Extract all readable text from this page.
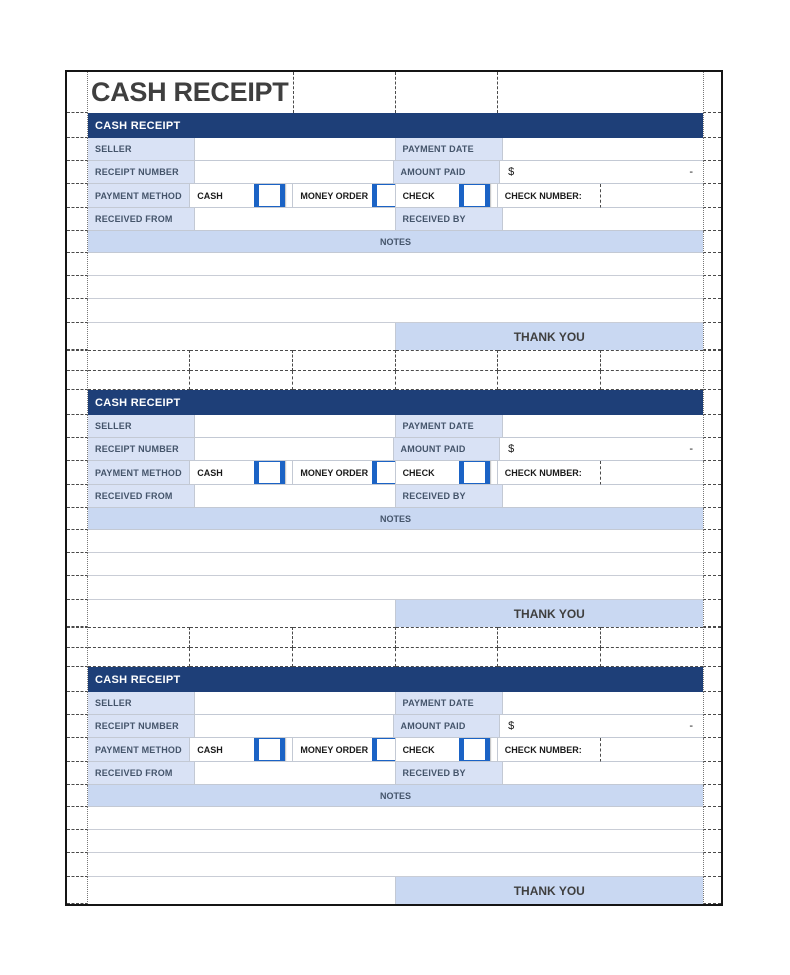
CASH RECEIPT
CASH RECEIPT
SELLER	PAYMENT DATE
RECEIPT NUMBER	AMOUNT PAID	$	-
PAYMENT METHOD	CASH	MONEY ORDER	CHECK	CHECK NUMBER:
RECEIVED FROM	RECEIVED BY
NOTES
THANK YOU
CASH RECEIPT
SELLER	PAYMENT DATE
RECEIPT NUMBER	AMOUNT PAID	$	-
PAYMENT METHOD	CASH	MONEY ORDER	CHECK	CHECK NUMBER:
RECEIVED FROM	RECEIVED BY
NOTES
THANK YOU
CASH RECEIPT
SELLER	PAYMENT DATE
RECEIPT NUMBER	AMOUNT PAID	$	-
PAYMENT METHOD	CASH	MONEY ORDER	CHECK	CHECK NUMBER:
RECEIVED FROM	RECEIVED BY
NOTES
THANK YOU
